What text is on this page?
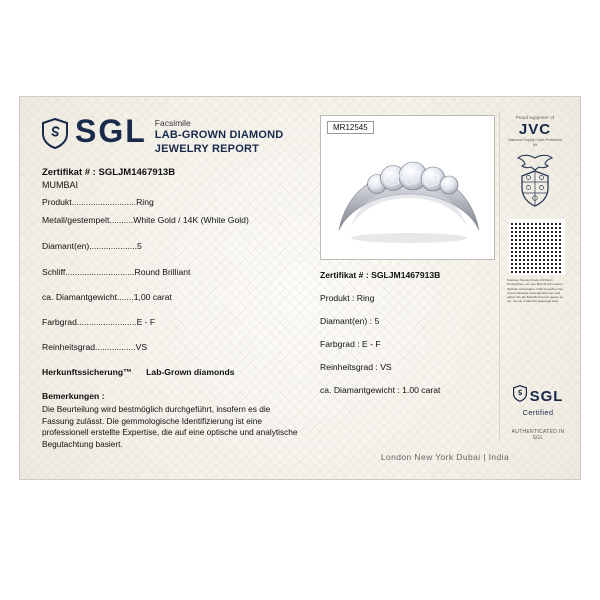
SGL Facsimile
LAB-GROWN DIAMOND
JEWELRY REPORT
Zertifikat # : SGLJM1467913B
MUMBAI
Produkt........................... Ring
Metall/gestempelt.......... White Gold / 14K (White Gold)
Diamant(en).................... 5
Schliff............................. Round Brilliant
ca. Diamantgewicht....... 1,00 carat
Farbgrad......................... E - F
Reinheitsgrad................. VS
Herkunftssicherung™ Lab-Grown diamonds
Bemerkungen :
Die Beurteilung wird bestmöglich durchgeführt, insofern es die Fassung zulässt. Die gemmologische Identifizierung ist eine professionell erstellte Expertise, die auf eine optische und analytische Begutachtung basiert.
MR12545
Zertifikat # : SGLJM1467913B
Produkt : Ring
Diamant(en) : 5
Farbgrad : E - F
Reinheitsgrad : VS
ca. Diamantgewicht : 1.00 carat
London New York Dubai | India
Proud supporter of
JVC
Diamond Supply Chain Protection Kit
Scannen Sie den Code mit Ihrem Smartphone, um den Bericht auf unserer Website anzuzeigen. Oder besuchen Sie unsere Website www.sgl-labs.com und geben Sie die Berichtsnummer genau so ein, wie sie im Bericht angezeigt wird.
SGL
Certified
AUTHENTICATED IN SGL
